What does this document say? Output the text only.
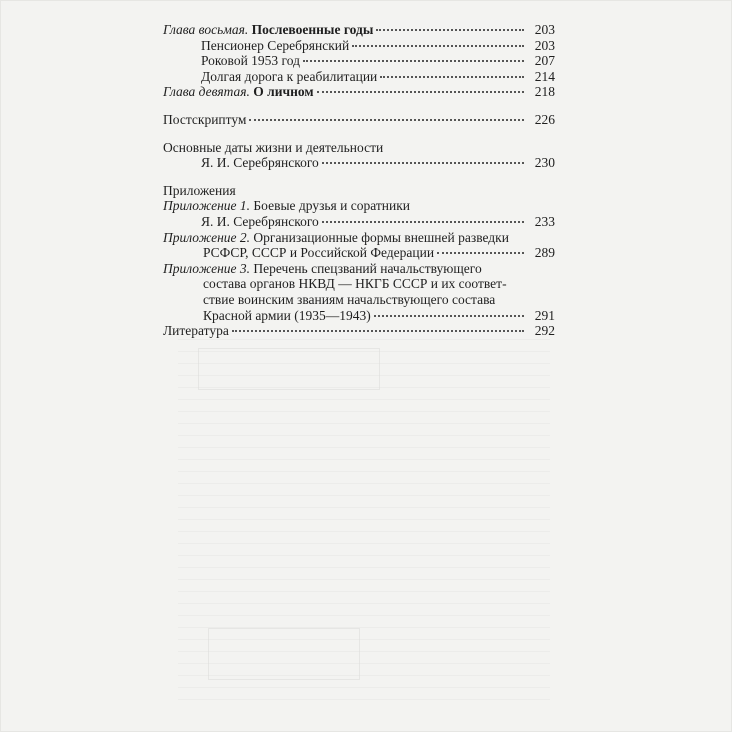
Глава восьмая. Послевоенные годы	203
Пенсионер Серебрянский	203
Роковой 1953 год	207
Долгая дорога к реабилитации	214
Глава девятая. О личном	218
Постскриптум	226
Основные даты жизни и деятельности
Я. И. Серебрянского	230
Приложения
Приложение 1. Боевые друзья и соратники
Я. И. Серебрянского	233
Приложение 2. Организационные формы внешней разведки
РСФСР, СССР и Российской Федерации	289
Приложение 3. Перечень спецзваний начальствующего
состава органов НКВД — НКГБ СССР и их соответ-
ствие воинским званиям начальствующего состава
Красной армии (1935—1943)	291
Литература	292
